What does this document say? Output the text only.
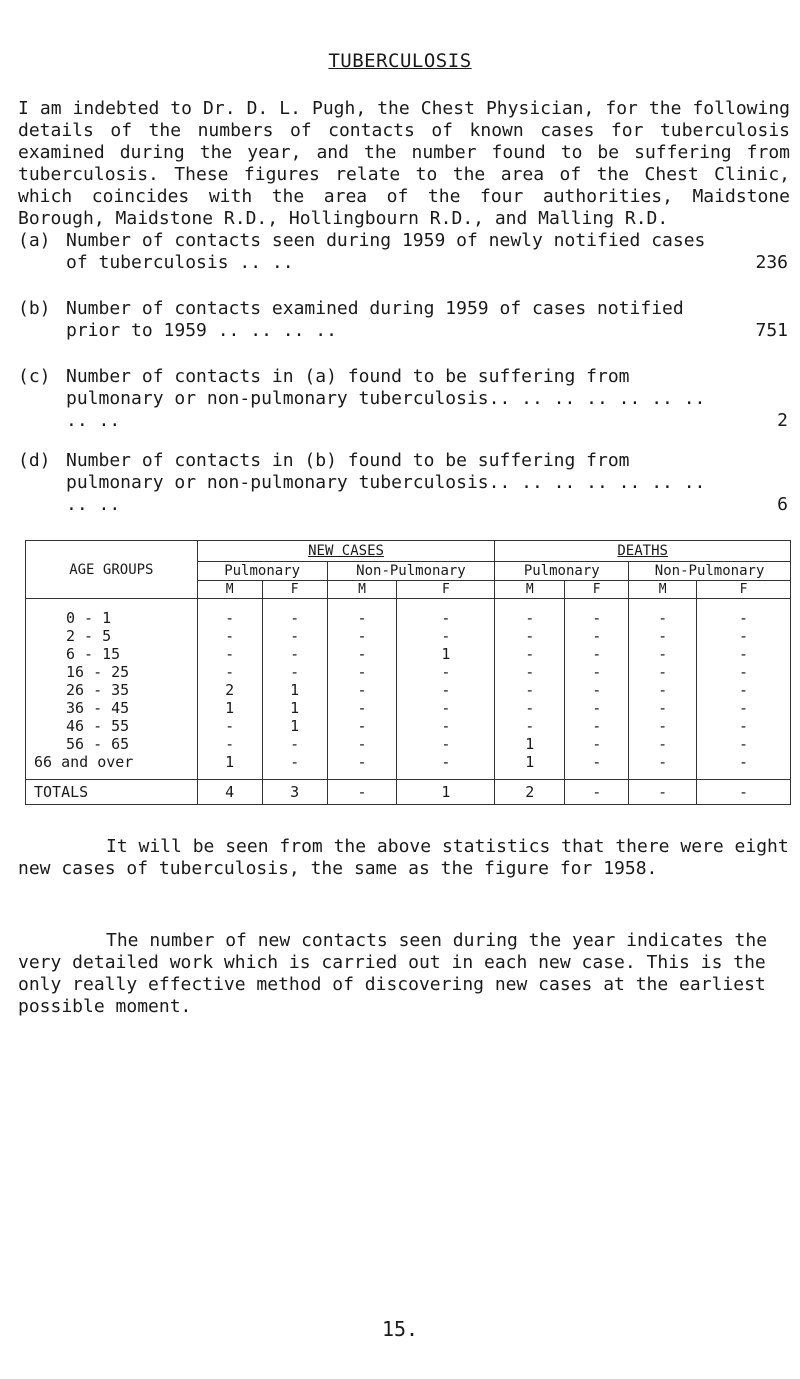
TUBERCULOSIS
I am indebted to Dr. D. L. Pugh, the Chest Physician, for the following details of the numbers of contacts of known cases for tuberculosis examined during the year, and the number found to be suffering from tuberculosis. These figures relate to the area of the Chest Clinic, which coincides with the area of the four authorities, Maidstone Borough, Maidstone R.D., Hollingbourn R.D., and Malling R.D.
(a) Number of contacts seen during 1959 of newly notified cases of tuberculosis .. ..	236
(b) Number of contacts examined during 1959 of cases notified prior to 1959 .. .. .. ..	751
(c) Number of contacts in (a) found to be suffering from pulmonary or non-pulmonary tuberculosis.. .. .. .. .. .. .. .. ..	2
(d) Number of contacts in (b) found to be suffering from pulmonary or non-pulmonary tuberculosis.. .. .. .. .. .. .. .. ..	6
AGE GROUPS	NEW CASES				DEATHS			
	Pulmonary		Non-Pulmonary		Pulmonary		Non-Pulmonary	
	M	F	M	F	M	F	M	F
0 - 1	-	-	-	-	-	-	-	-
2 - 5	-	-	-	-	-	-	-	-
6 - 15	-	-	-	1	-	-	-	-
16 - 25	-	-	-	-	-	-	-	-
26 - 35	2	1	-	-	-	-	-	-
36 - 45	1	1	-	-	-	-	-	-
46 - 55	-	1	-	-	-	-	-	-
56 - 65	-	-	-	-	1	-	-	-
66 and over	1	-	-	-	1	-	-	-
TOTALS	4	3	-	1	2	-	-	-
It will be seen from the above statistics that there were eight new cases of tuberculosis, the same as the figure for 1958.
The number of new contacts seen during the year indicates the very detailed work which is carried out in each new case. This is the only really effective method of discovering new cases at the earliest possible moment.
15.
